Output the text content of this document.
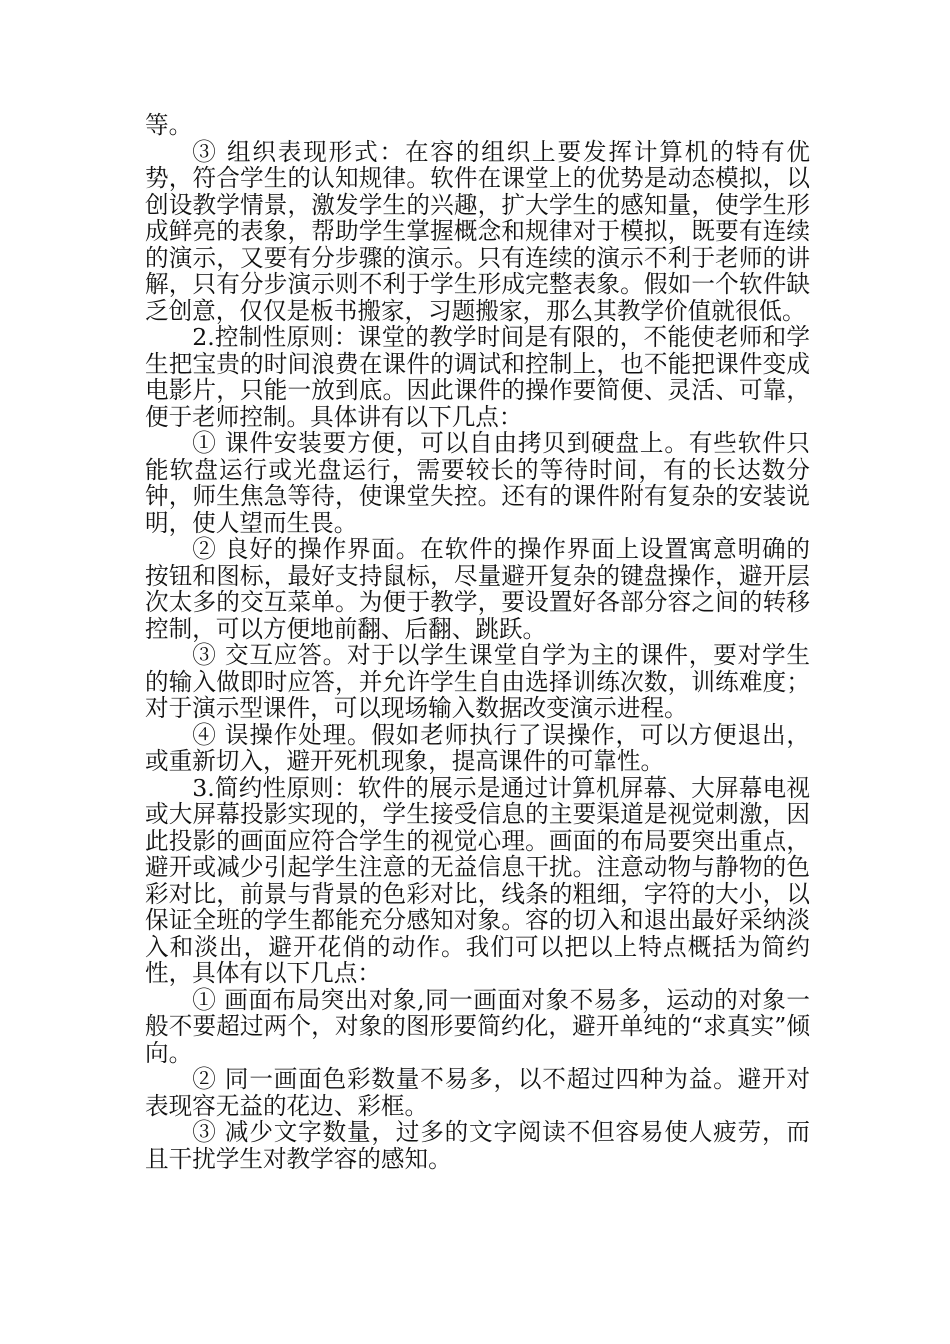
等。

③ 组织表现形式：在容的组织上要发挥计算机的特有优势，符合学生的认知规律。软件在课堂上的优势是动态模拟，以创设教学情景，激发学生的兴趣，扩大学生的感知量，使学生形成鲜亮的表象，帮助学生掌握概念和规律对于模拟，既要有连续的演示，又要有分步骤的演示。只有连续的演示不利于老师的讲解，只有分步演示则不利于学生形成完整表象。假如一个软件缺乏创意，仅仅是板书搬家，习题搬家，那么其教学价值就很低。

2.控制性原则：课堂的教学时间是有限的，不能使老师和学生把宝贵的时间浪费在课件的调试和控制上，也不能把课件变成电影片，只能一放到底。因此课件的操作要简便、灵活、可靠，便于老师控制。具体讲有以下几点：

① 课件安装要方便，可以自由拷贝到硬盘上。有些软件只能软盘运行或光盘运行，需要较长的等待时间，有的长达数分钟，师生焦急等待，使课堂失控。还有的课件附有复杂的安装说明，使人望而生畏。

② 良好的操作界面。在软件的操作界面上设置寓意明确的按钮和图标，最好支持鼠标，尽量避开复杂的键盘操作，避开层次太多的交互菜单。为便于教学，要设置好各部分容之间的转移控制，可以方便地前翻、后翻、跳跃。

③ 交互应答。对于以学生课堂自学为主的课件，要对学生的输入做即时应答，并允许学生自由选择训练次数，训练难度；对于演示型课件，可以现场输入数据改变演示进程。

④ 误操作处理。假如老师执行了误操作，可以方便退出，或重新切入，避开死机现象，提高课件的可靠性。

3.简约性原则：软件的展示是通过计算机屏幕、大屏幕电视或大屏幕投影实现的，学生接受信息的主要渠道是视觉刺激，因此投影的画面应符合学生的视觉心理。画面的布局要突出重点，避开或减少引起学生注意的无益信息干扰。注意动物与静物的色彩对比，前景与背景的色彩对比，线条的粗细，字符的大小，以保证全班的学生都能充分感知对象。容的切入和退出最好采纳淡入和淡出，避开花俏的动作。我们可以把以上特点概括为简约性，具体有以下几点：

① 画面布局突出对象,同一画面对象不易多，运动的对象一般不要超过两个，对象的图形要简约化，避开单纯的“求真实”倾向。

② 同一画面色彩数量不易多，以不超过四种为益。避开对表现容无益的花边、彩框。

③ 减少文字数量，过多的文字阅读不但容易使人疲劳，而且干扰学生对教学容的感知。
